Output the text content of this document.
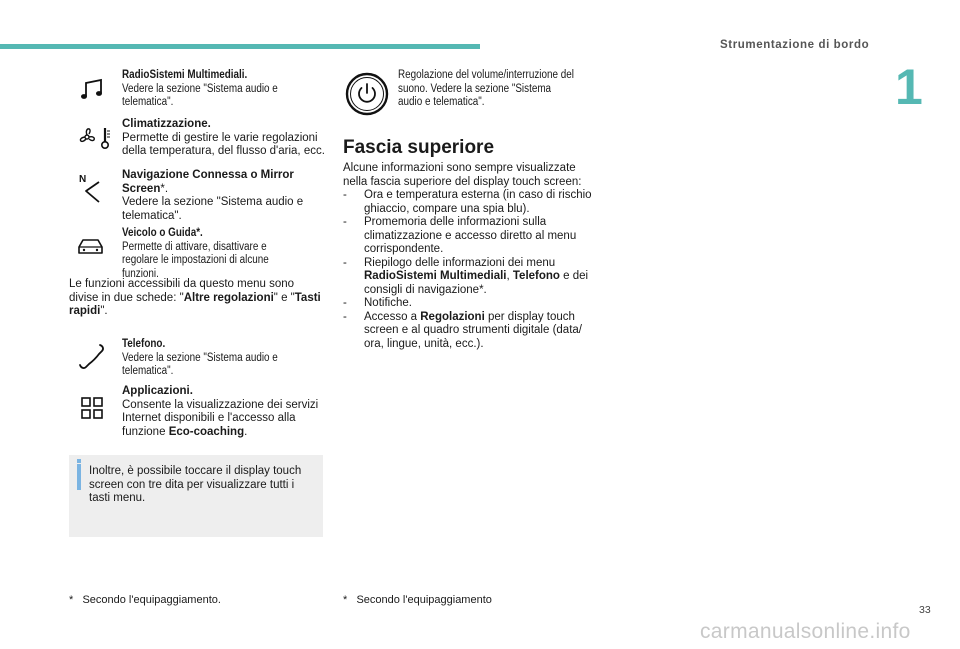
Strumentazione di bordo
1
RadioSistemi Multimediali.
Vedere la sezione "Sistema audio e telematica".
Climatizzazione.
Permette di gestire le varie regolazioni della temperatura, del flusso d'aria, ecc.
N	Navigazione Connessa o Mirror Screen*.
Vedere la sezione "Sistema audio e telematica".
Veicolo o Guida*.
Permette di attivare, disattivare e regolare le impostazioni di alcune funzioni.
Le funzioni accessibili da questo menu sono divise in due schede: "Altre regolazioni" e "Tasti rapidi".
Telefono.
Vedere la sezione "Sistema audio e telematica".
Applicazioni.
Consente la visualizzazione dei servizi Internet disponibili e l'accesso alla funzione Eco-coaching.
Inoltre, è possibile toccare il display touch screen con tre dita per visualizzare tutti i tasti menu.
* Secondo l'equipaggiamento.
Regolazione del volume/interruzione del suono. Vedere la sezione "Sistema audio e telematica".
Fascia superiore
Alcune informazioni sono sempre visualizzate nella fascia superiore del display touch screen:
- Ora e temperatura esterna (in caso di rischio ghiaccio, compare una spia blu).
- Promemoria delle informazioni sulla climatizzazione e accesso diretto al menu corrispondente.
- Riepilogo delle informazioni dei menu RadioSistemi Multimediali, Telefono e dei consigli di navigazione*.
- Notifiche.
- Accesso a Regolazioni per display touch screen e al quadro strumenti digitale (data/ ora, lingue, unità, ecc.).
* Secondo l'equipaggiamento
33
carmanualsonline.info
